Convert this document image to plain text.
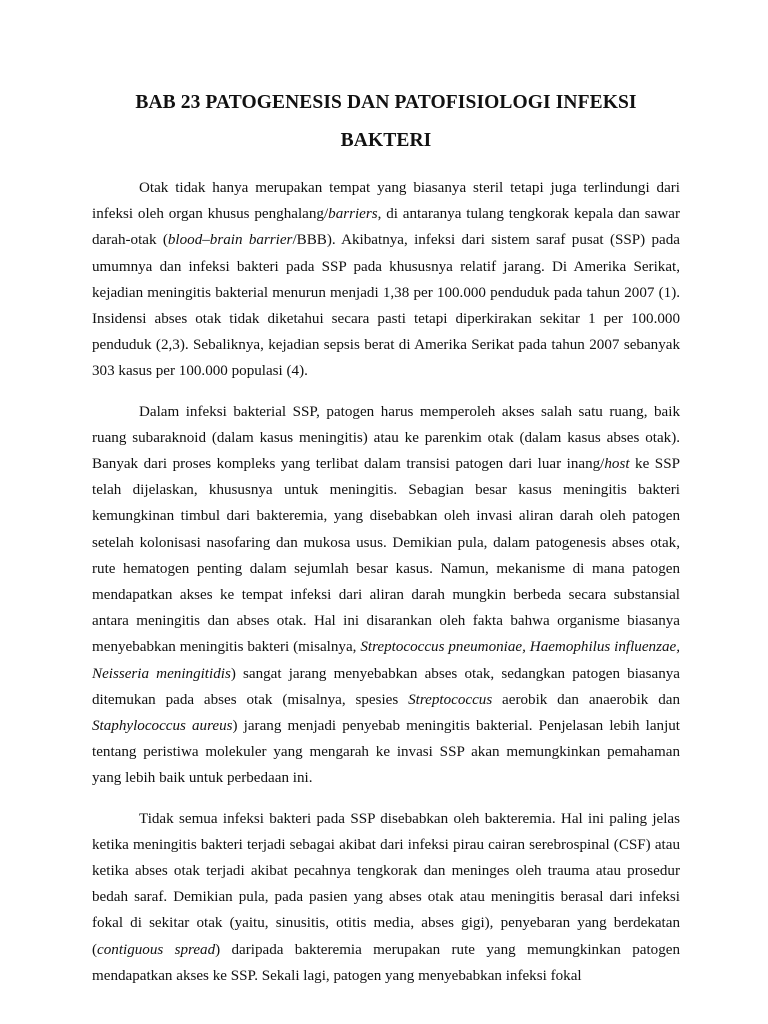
BAB 23 PATOGENESIS DAN PATOFISIOLOGI INFEKSI BAKTERI

Otak tidak hanya merupakan tempat yang biasanya steril tetapi juga terlindungi dari infeksi oleh organ khusus penghalang/barriers, di antaranya tulang tengkorak kepala dan sawar darah-otak (blood–brain barrier/BBB). Akibatnya, infeksi dari sistem saraf pusat (SSP) pada umumnya dan infeksi bakteri pada SSP pada khususnya relatif jarang. Di Amerika Serikat, kejadian meningitis bakterial menurun menjadi 1,38 per 100.000 penduduk pada tahun 2007 (1). Insidensi abses otak tidak diketahui secara pasti tetapi diperkirakan sekitar 1 per 100.000 penduduk (2,3). Sebaliknya, kejadian sepsis berat di Amerika Serikat pada tahun 2007 sebanyak 303 kasus per 100.000 populasi (4).

Dalam infeksi bakterial SSP, patogen harus memperoleh akses salah satu ruang, baik ruang subaraknoid (dalam kasus meningitis) atau ke parenkim otak (dalam kasus abses otak). Banyak dari proses kompleks yang terlibat dalam transisi patogen dari luar inang/host ke SSP telah dijelaskan, khususnya untuk meningitis. Sebagian besar kasus meningitis bakteri kemungkinan timbul dari bakteremia, yang disebabkan oleh invasi aliran darah oleh patogen setelah kolonisasi nasofaring dan mukosa usus. Demikian pula, dalam patogenesis abses otak, rute hematogen penting dalam sejumlah besar kasus. Namun, mekanisme di mana patogen mendapatkan akses ke tempat infeksi dari aliran darah mungkin berbeda secara substansial antara meningitis dan abses otak. Hal ini disarankan oleh fakta bahwa organisme biasanya menyebabkan meningitis bakteri (misalnya, Streptococcus pneumoniae, Haemophilus influenzae, Neisseria meningitidis) sangat jarang menyebabkan abses otak, sedangkan patogen biasanya ditemukan pada abses otak (misalnya, spesies Streptococcus aerobik dan anaerobik dan Staphylococcus aureus) jarang menjadi penyebab meningitis bakterial. Penjelasan lebih lanjut tentang peristiwa molekuler yang mengarah ke invasi SSP akan memungkinkan pemahaman yang lebih baik untuk perbedaan ini.

Tidak semua infeksi bakteri pada SSP disebabkan oleh bakteremia. Hal ini paling jelas ketika meningitis bakteri terjadi sebagai akibat dari infeksi pirau cairan serebrospinal (CSF) atau ketika abses otak terjadi akibat pecahnya tengkorak dan meninges oleh trauma atau prosedur bedah saraf. Demikian pula, pada pasien yang abses otak atau meningitis berasal dari infeksi fokal di sekitar otak (yaitu, sinusitis, otitis media, abses gigi), penyebaran yang berdekatan (contiguous spread) daripada bakteremia merupakan rute yang memungkinkan patogen mendapatkan akses ke SSP. Sekali lagi, patogen yang menyebabkan infeksi fokal
